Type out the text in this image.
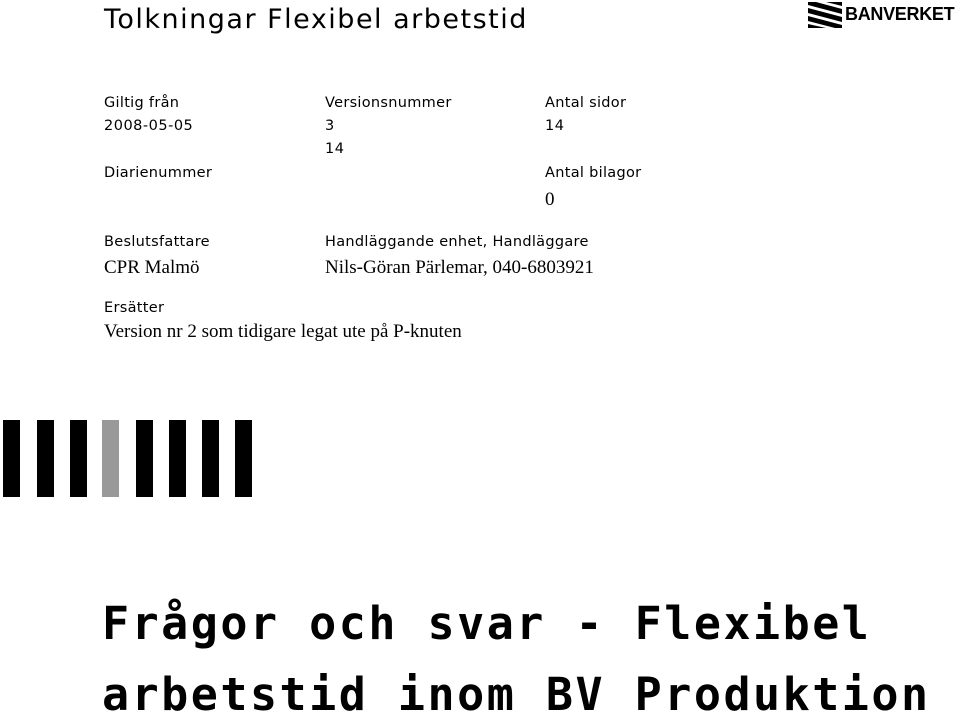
Tolkningar Flexibel arbetstid	BANVERKET
Giltig från
2008-05-05
Versionsnummer
3
14
Antal sidor
14
Diarienummer	Antal bilagor
0
Beslutsfattare
CPR Malmö
Handläggande enhet, Handläggare
Nils-Göran Pärlemar, 040-6803921
Ersätter
Version nr 2 som tidigare legat ute på P-knuten
Frågor och svar - Flexibel
arbetstid inom BV Produktion
